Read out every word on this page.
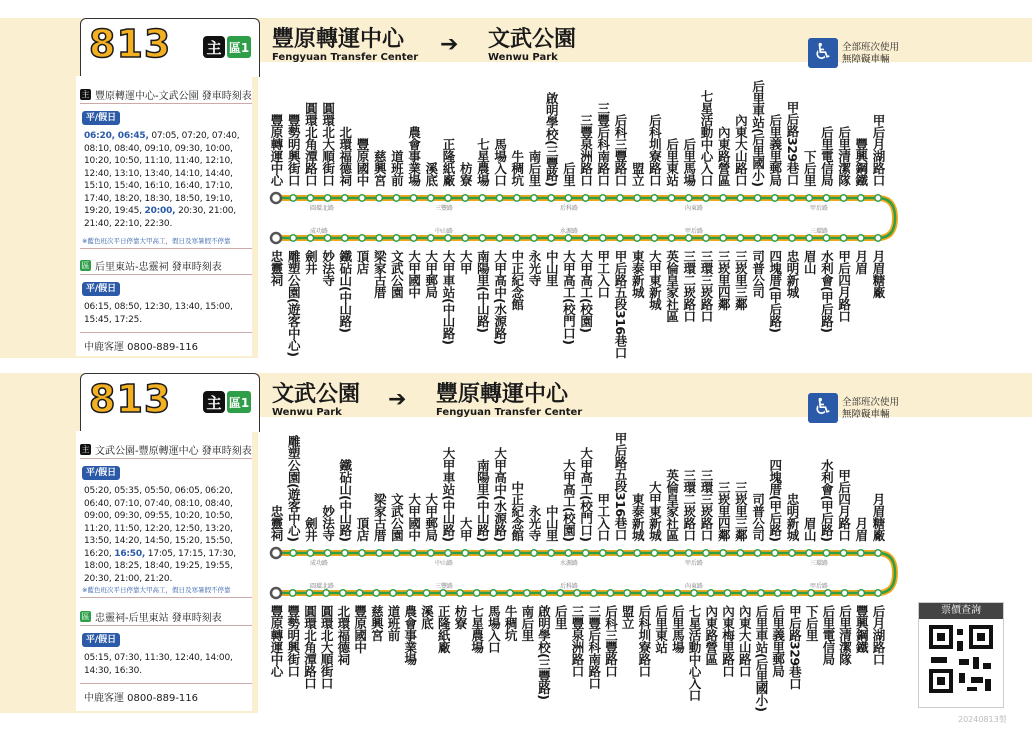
813 主 區1 豐原轉運中心
Fengyuan Transfer Center
➔ 文武公園
Wenwu Park	♿ 全部班次使用
無障礙車輛
主 豐原轉運中心-文武公園 發車時刻表
平/假日
06:20, 06:45, 07:05, 07:20, 07:40,
08:10, 08:40, 09:10, 09:30, 10:00,
10:20, 10:50, 11:10, 11:40, 12:10,
12:40, 13:10, 13:40, 14:10, 14:40,
15:10, 15:40, 16:10, 16:40, 17:10,
17:40, 18:20, 18:30, 18:50, 19:10,
19:20, 19:45, 20:00, 20:30, 21:00,
21:40, 22:10, 22:30.
※藍色班次平日停靠大甲高工，假日及寒暑假不停靠
區 后里東站-忠靈祠 發車時刻表
平/假日
06:15, 08:50, 12:30, 13:40, 15:00,
15:45, 17:25.
中鹿客運 0800-889-116
豐原轉運中心 豐勢明興街口 圓環北角潭路口 圓環北大順街口 北環福德祠 豐原國中 慈興宮 道班前 農會事業場 溪底 正隆紙廠 枋寮 七星農場 馬場入口 牛稠坑 南后里 啟明學校(三豐路) 后里 三豐泉洲路口 三豐后科南路口 后科三豐路口 盟立 后科圳寮路口 后里東站 后里馬場 七星活動中心入口 內東路營區 內東大山路口 后里車站(后里國小) 后里義里郵局 甲后路329巷口 下后里 后里電信局 后里清潔隊 豐興鋼鐵 甲后月湖路口
忠靈祠 雕塑公園(遊客中心) 劍井 妙法寺 鐵砧山(中山路) 頂店 梁家古厝 文武公園 大甲國中 大甲郵局 大甲車站(中山路) 大甲 南陽里(中山路) 大甲高中(水源路) 中正紀念館 永光寺 中山里 大甲高工(校門口) 大甲高工(校園) 甲工入口 甲后路五段316巷口 東泰新城 大甲東新城 英倫皇家社區 三環二崁路口 三環三崁路口 三崁里四鄰 三崁里三鄰 司普公司 四塊厝(甲后路) 忠明新城 眉山 水利會(甲后路) 甲后四月路口 月眉 月眉糖廠
圓環北路	三豐路	后科路	內東路	甲后路
成功路	中山路	水源路	甲后路	三環路
813 主 區1 文武公園
Wenwu Park
➔ 豐原轉運中心
Fengyuan Transfer Center	♿ 全部班次使用
無障礙車輛
主 文武公園-豐原轉運中心 發車時刻表
平/假日
05:20, 05:35, 05:50, 06:05, 06:20,
06:40, 07:10, 07:40, 08:10, 08:40,
09:00, 09:30, 09:55, 10:20, 10:50,
11:20, 11:50, 12:20, 12:50, 13:20,
13:50, 14:20, 14:50, 15:20, 15:50,
16:20, 16:50, 17:05, 17:15, 17:30,
18:00, 18:25, 18:40, 19:25, 19:55,
20:30, 21:00, 21:20.
※藍色班次平日停靠大甲高工，假日及寒暑假不停靠
區 忠靈祠-后里東站 發車時刻表
平/假日
05:15, 07:30, 11:30, 12:40, 14:00,
14:30, 16:30.
中鹿客運 0800-889-116
忠靈祠 雕塑公園(遊客中心) 劍井 妙法寺 鐵砧山(中山路) 頂店 梁家古厝 文武公園 大甲國中 大甲郵局 大甲車站(中山路) 大甲 南陽里(中山路) 大甲高中(水源路) 中正紀念館 永光寺 中山里 大甲高工(校園) 大甲高工(校門口) 甲工入口 甲后路五段316巷口 東泰新城 大甲東新城 英倫皇家社區 三環二崁路口 三環三崁路口 三崁里四鄰 三崁里三鄰 司普公司 四塊厝(甲后路) 忠明新城 眉山 水利會(甲后路) 甲后四月路口 月眉 月眉糖廠
豐原轉運中心 豐勢明興街口 圓環北角潭路口 圓環北大順街口 北環福德祠 豐原國中 慈興宮 道班前 農會事業場 溪底 正隆紙廠 枋寮 七星農場 馬場入口 牛稠坑 南后里 啟明學校(三豐路) 后里 三豐泉洲路口 三豐后科南路口 后科三豐路口 盟立 后科圳寮路口 后里東站 后里馬場 七星活動中心入口 內東路營區 內東梅里路口 內東大山路口 后里車站(后里國小) 后里義里郵局 甲后路329巷口 下后里 后里電信局 后里清潔隊 豐興鋼鐵 后月湖路口
成功路	中山路	水源路	甲后路	三環路
圓環北路	三豐路	后科路	內東路	甲后路
票價查詢
20240813製
